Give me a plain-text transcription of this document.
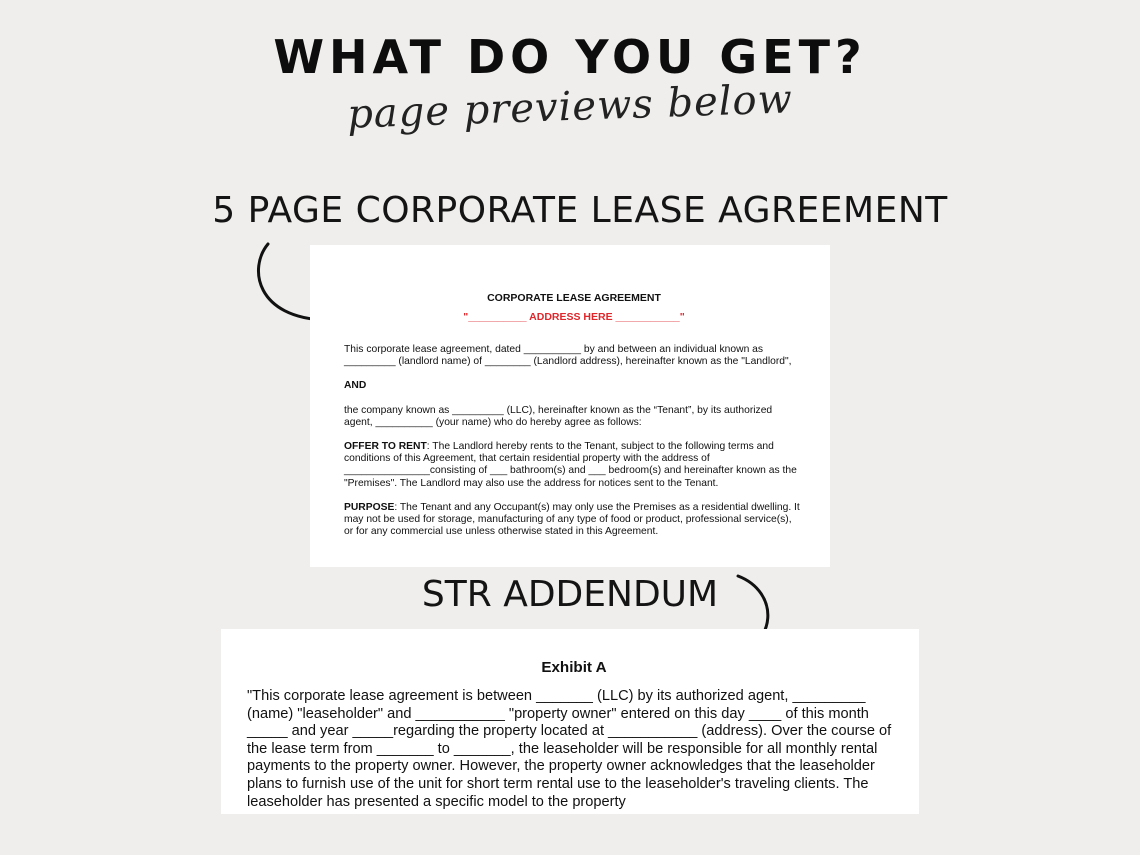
WHAT DO YOU GET?
page previews below
5 PAGE CORPORATE LEASE AGREEMENT
CORPORATE LEASE AGREEMENT
"__________ ADDRESS HERE ___________"

This corporate lease agreement, dated __________ by and between an individual known as _________ (landlord name) of ________ (Landlord address), hereinafter known as the "Landlord",

AND

the company known as _________ (LLC), hereinafter known as the “Tenant”, by its authorized agent, __________ (your name) who do hereby agree as follows:

OFFER TO RENT: The Landlord hereby rents to the Tenant, subject to the following terms and conditions of this Agreement, that certain residential property with the address of _______________consisting of ___ bathroom(s) and ___ bedroom(s) and hereinafter known as the "Premises". The Landlord may also use the address for notices sent to the Tenant.

PURPOSE: The Tenant and any Occupant(s) may only use the Premises as a residential dwelling. It may not be used for storage, manufacturing of any type of food or product, professional service(s), or for any commercial use unless otherwise stated in this Agreement.

STR ADDENDUM
Exhibit A
"This corporate lease agreement is between _______ (LLC) by its authorized agent, _________ (name) "leaseholder" and ___________ "property owner" entered on this day ____ of this month _____ and year _____regarding the property located at ___________ (address). Over the course of the lease term from _______ to _______, the leaseholder will be responsible for all monthly rental payments to the property owner. However, the property owner acknowledges that the leaseholder plans to furnish use of the unit for short term rental use to the leaseholder's traveling clients. The leaseholder has presented a specific model to the property
